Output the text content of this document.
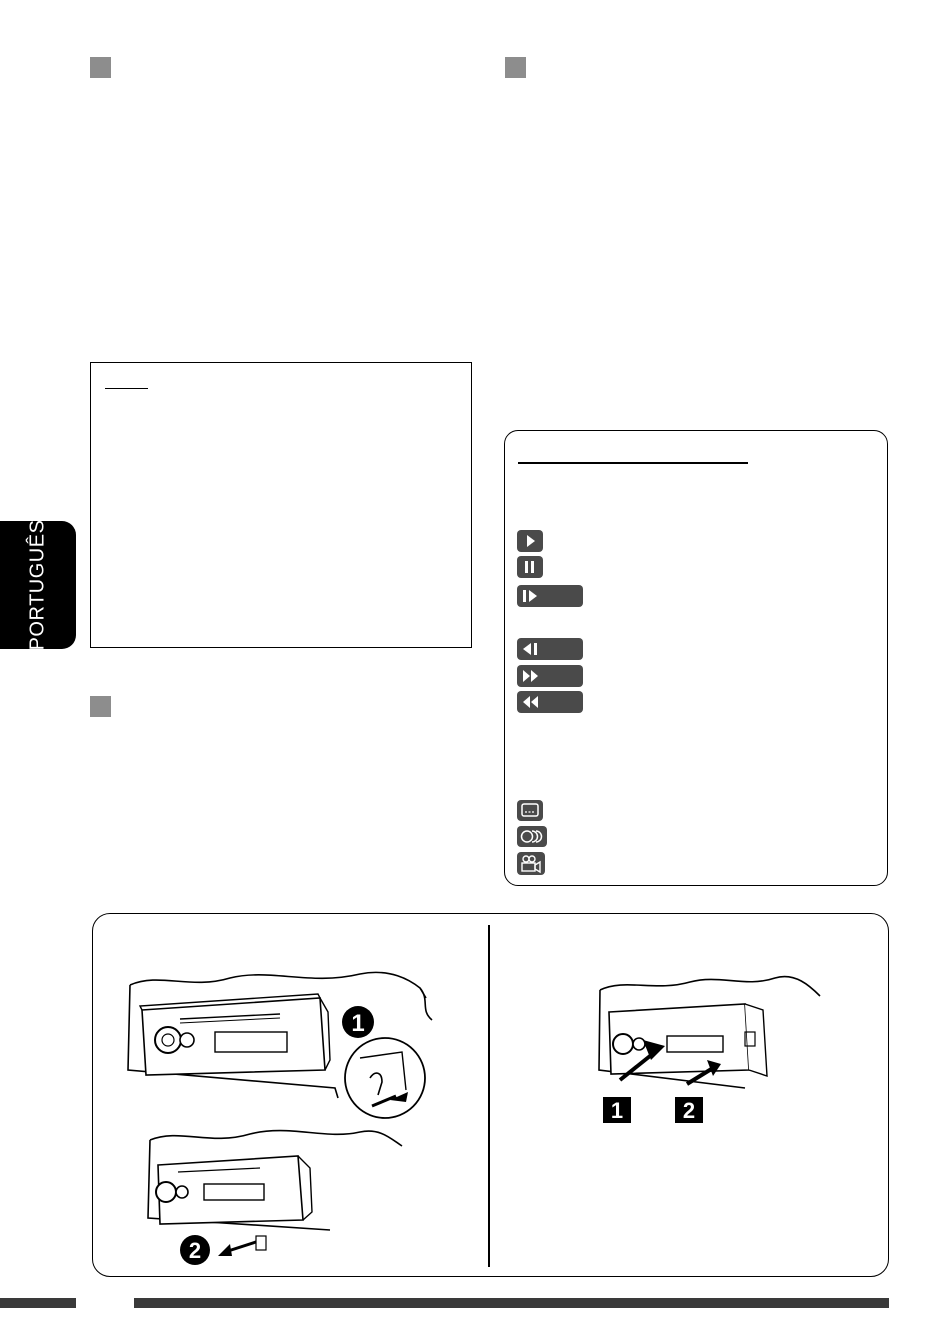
PORTUGUÊS
1
2
1	2
